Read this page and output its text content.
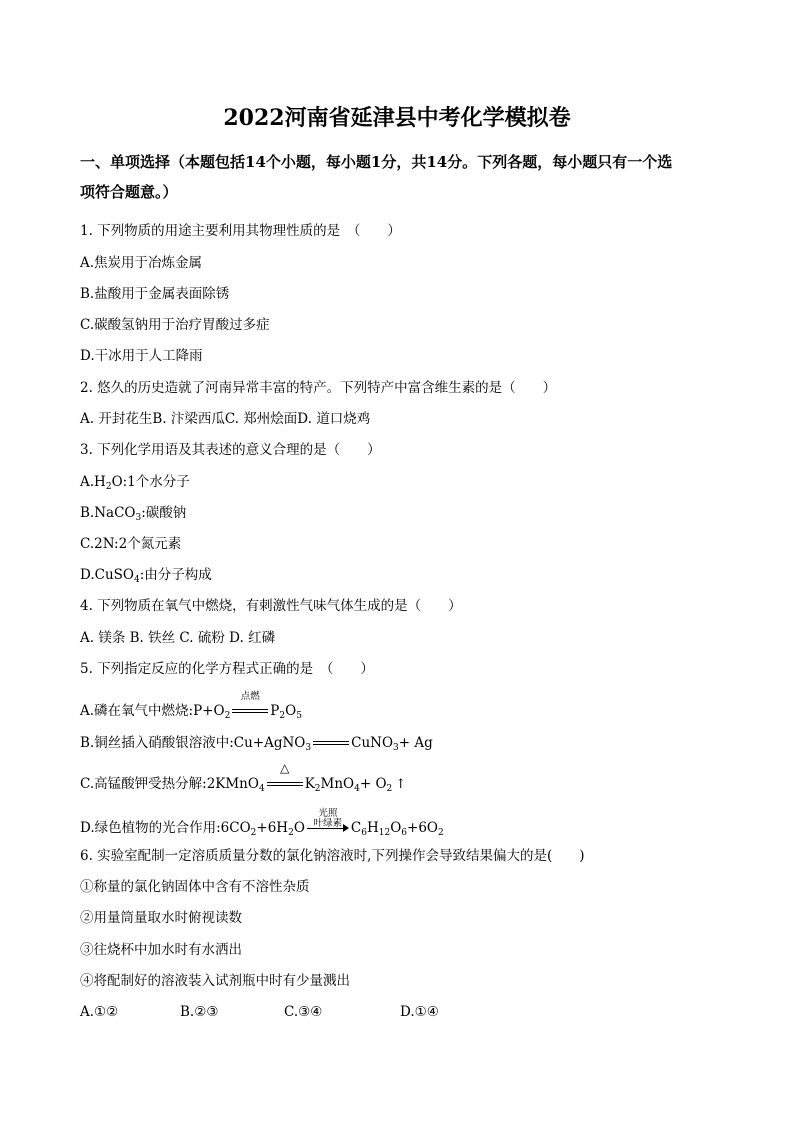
2022河南省延津县中考化学模拟卷
一、单项选择（本题包括14个小题，每小题1分，共14分。下列各题，每小题只有一个选
项符合题意。）
1. 下列物质的用途主要利用其物理性质的是　（　　）
A.焦炭用于冶炼金属
B.盐酸用于金属表面除锈
C.碳酸氢钠用于治疗胃酸过多症
D.干冰用于人工降雨
2. 悠久的历史造就了河南异常丰富的特产。下列特产中富含维生素的是（　　）
A. 开封花生B. 汴梁西瓜C. 郑州烩面D. 道口烧鸡
3. 下列化学用语及其表述的意义合理的是（　　）
$A.H_2O:1$个水分子
B.NaCO$_3$:碳酸钠
C.2N:2个氮元素
D.CuSO$_4$:由分子构成
4. 下列物质在氧气中燃烧，有刺激性气味气体生成的是（　　）
A. 镁条 B. 铁丝 C. 硫粉 D. 红磷
5. 下列指定反应的化学方程式正确的是　（　　）
A.磷在氧气中燃烧$:P+O_2$
点燃
$P_2O_5$
B.铜丝插入硝酸银溶液中:Cu+AgNO$_3$	CuNO$_3$+ Ag
C.高锰酸钾受热分解:2KMnO$_4$
△
$K_2MnO_4+ O_2$ ↑
D.绿色植物的光合作用$:6CO_2+6H_2O$
光照
叶绿素 $C_6H_{12}O_6+6O_2$
6. 实验室配制一定溶质质量分数的氯化钠溶液时,下列操作会导致结果偏大的是(　　)
①称量的氯化钠固体中含有不溶性杂质
②用量筒量取水时俯视读数
③往烧杯中加水时有水洒出
④将配制好的溶液装入试剂瓶中时有少量溅出
A.①②	B.②③	C.③④	D.①④
